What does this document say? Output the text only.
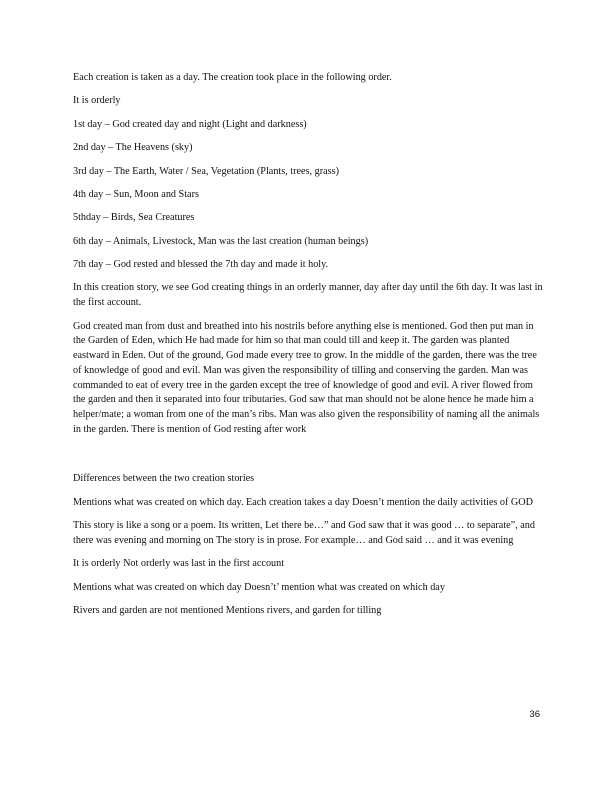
Each creation is taken as a day. The creation took place in the following order.

It is orderly

1st day – God created day and night (Light and darkness)

2nd day – The Heavens (sky)

3rd day – The Earth, Water / Sea, Vegetation (Plants, trees, grass)

4th day – Sun, Moon and Stars

5thday – Birds, Sea Creatures

6th day – Animals, Livestock, Man was the last creation (human beings)

7th day – God rested and blessed the 7th day and made it holy.

In this creation story, we see God creating things in an orderly manner, day after day until the 6th day. It was last in the first account.

God created man from dust and breathed into his nostrils before anything else is mentioned. God then put man in the Garden of Eden, which He had made for him so that man could till and keep it. The garden was planted eastward in Eden. Out of the ground, God made every tree to grow. In the middle of the garden, there was the tree of knowledge of good and evil. Man was given the responsibility of tilling and conserving the garden. Man was commanded to eat of every tree in the garden except the tree of knowledge of good and evil. A river flowed from the garden and then it separated into four tributaries. God saw that man should not be alone hence he made him a helper/mate; a woman from one of the man’s ribs. Man was also given the responsibility of naming all the animals in the garden. There is mention of God resting after work

Differences between the two creation stories

Mentions what was created on which day. Each creation takes a day Doesn’t mention the daily activities of GOD

This story is like a song or a poem. Its written, Let there be…” and God saw that it was good … to separate”, and there was evening and morning on The story is in prose. For example… and God said … and it was evening

It is orderly Not orderly was last in the first account

Mentions what was created on which day Doesn’t’ mention what was created on which day

Rivers and garden are not mentioned Mentions rivers, and garden for tilling

36
